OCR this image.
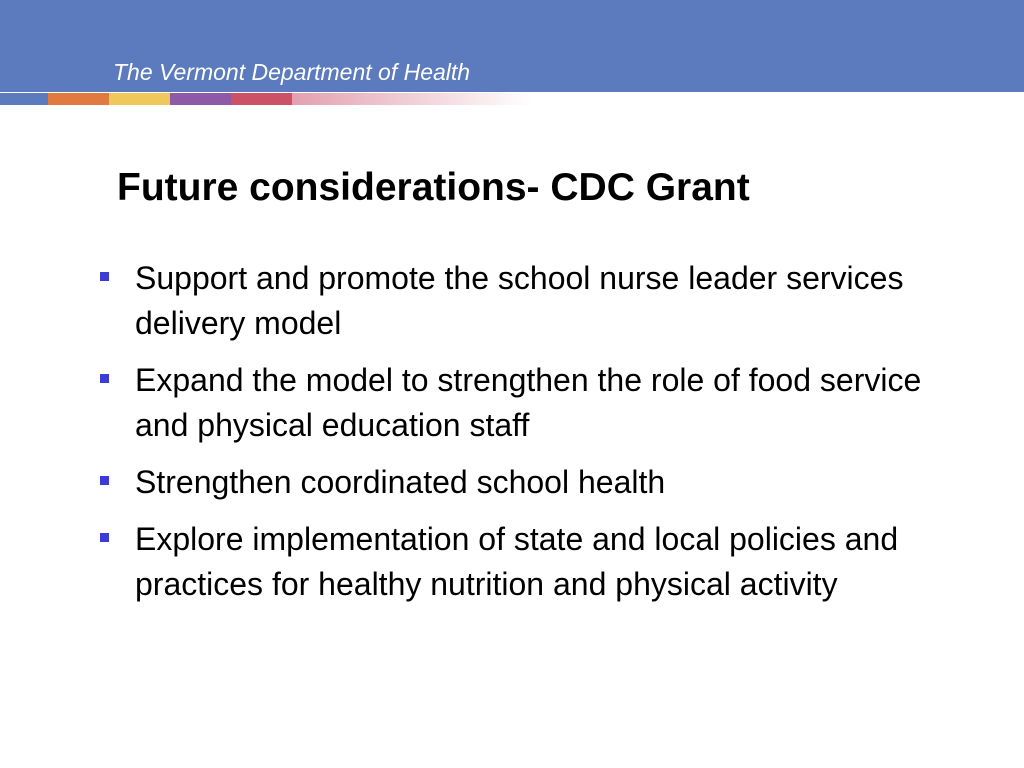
The Vermont Department of Health

Future considerations- CDC Grant
Support and promote the school nurse leader services delivery model
Expand the model to strengthen the role of food service and physical education staff
Strengthen coordinated school health
Explore implementation of state and local policies and practices for healthy nutrition and physical activity
